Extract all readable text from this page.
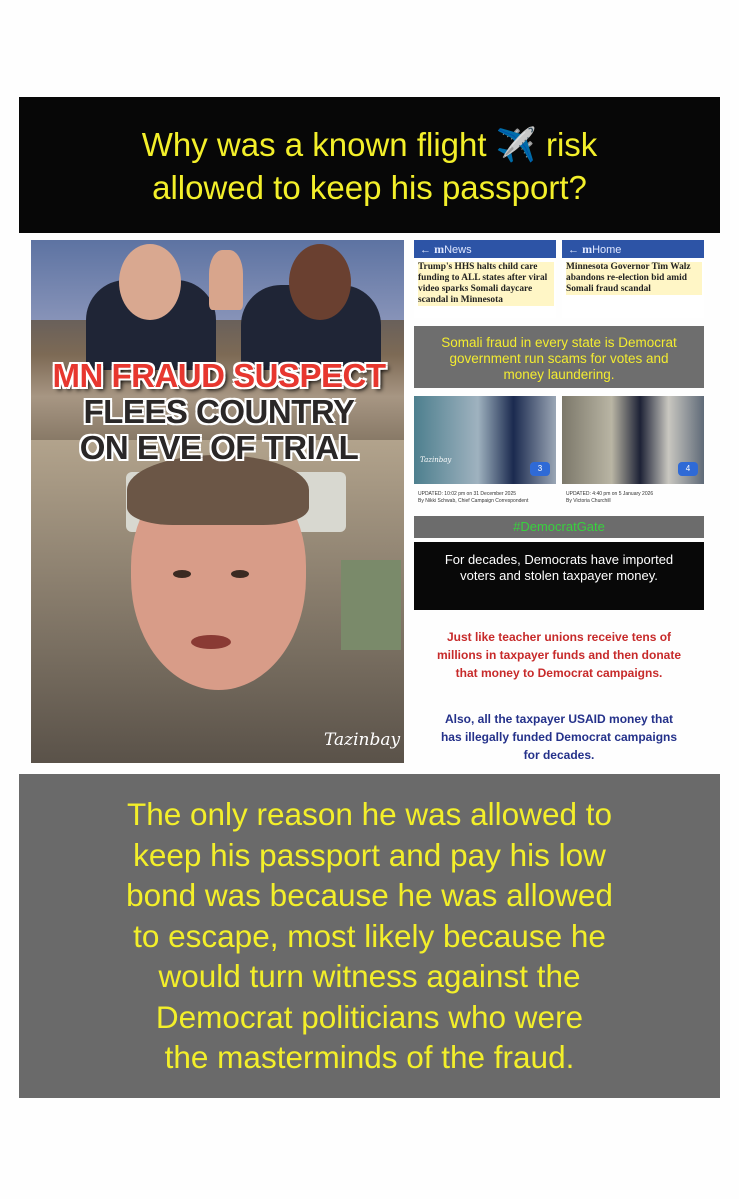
Why was a known flight ✈️ risk
allowed to keep his passport?
MN FRAUD SUSPECT
FLEES COUNTRY
ON EVE OF TRIAL
Tazinbay
← mNews
Trump's HHS halts child care funding to ALL states after viral video sparks Somali daycare scandal in Minnesota
← mHome
Minnesota Governor Tim Walz abandons re-election bid amid Somali fraud scandal
Somali fraud in every state is Democrat government run scams for votes and money laundering.
Tazinbay
3	4
UPDATED: 10:02 pm on 31 December 2025
By Nikki Schwab, Chief Campaign Correspondent
UPDATED: 4:40 pm on 5 January 2026
By Victoria Churchill
#DemocratGate
For decades, Democrats have imported voters and stolen taxpayer money.
Just like teacher unions receive tens of millions in taxpayer funds and then donate that money to Democrat campaigns.
Also, all the taxpayer USAID money that has illegally funded Democrat campaigns for decades.
The only reason he was allowed to
keep his passport and pay his low
bond was because he was allowed
to escape, most likely because he
would turn witness against the
Democrat politicians who were
the masterminds of the fraud.
